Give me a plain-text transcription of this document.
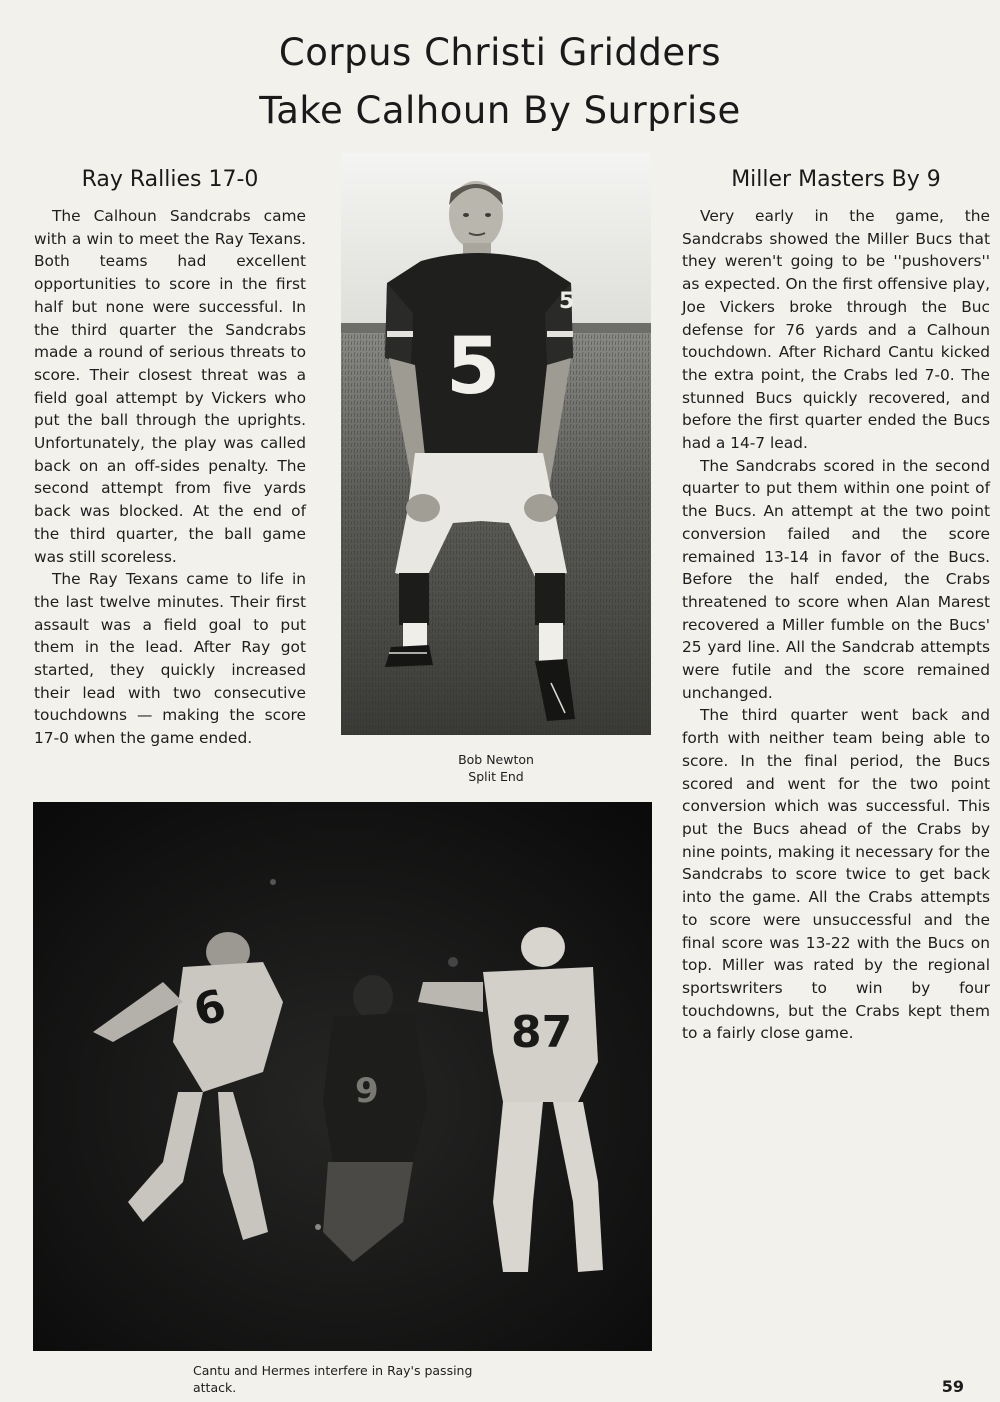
Corpus Christi Gridders
Take Calhoun By Surprise
Ray Rallies 17-0

The Calhoun Sandcrabs came with a win to meet the Ray Texans. Both teams had excellent opportunities to score in the first half but none were successful. In the third quarter the Sandcrabs made a round of serious threats to score. Their closest threat was a field goal attempt by Vickers who put the ball through the uprights. Unfortunately, the play was called back on an off-sides penalty. The second attempt from five yards back was blocked. At the end of the third quarter, the ball game was still scoreless.

The Ray Texans came to life in the last twelve minutes. Their first assault was a field goal to put them in the lead. After Ray got started, they quickly increased their lead with two consecutive touchdowns — making the score 17-0 when the game ended.

5
5
Bob Newton
Split End
Miller Masters By 9

Very early in the game, the Sandcrabs showed the Miller Bucs that they weren't going to be ''pushovers'' as expected. On the first offensive play, Joe Vickers broke through the Buc defense for 76 yards and a Calhoun touchdown. After Richard Cantu kicked the extra point, the Crabs led 7-0. The stunned Bucs quickly recovered, and before the first quarter ended the Bucs had a 14-7 lead.

The Sandcrabs scored in the second quarter to put them within one point of the Bucs. An attempt at the two point conversion failed and the score remained 13-14 in favor of the Bucs. Before the half ended, the Crabs threatened to score when Alan Marest recovered a Miller fumble on the Bucs' 25 yard line. All the Sandcrab attempts were futile and the score remained unchanged.

The third quarter went back and forth with neither team being able to score. In the final period, the Bucs scored and went for the two point conversion which was successful. This put the Bucs ahead of the Crabs by nine points, making it necessary for the Sandcrabs to score twice to get back into the game. All the Crabs attempts to score were unsuccessful and the final score was 13-22 with the Bucs on top. Miller was rated by the regional sportswriters to win by four touchdowns, but the Crabs kept them to a fairly close game.

6
9
87
Cantu and Hermes interfere in Ray's passing attack.	59
